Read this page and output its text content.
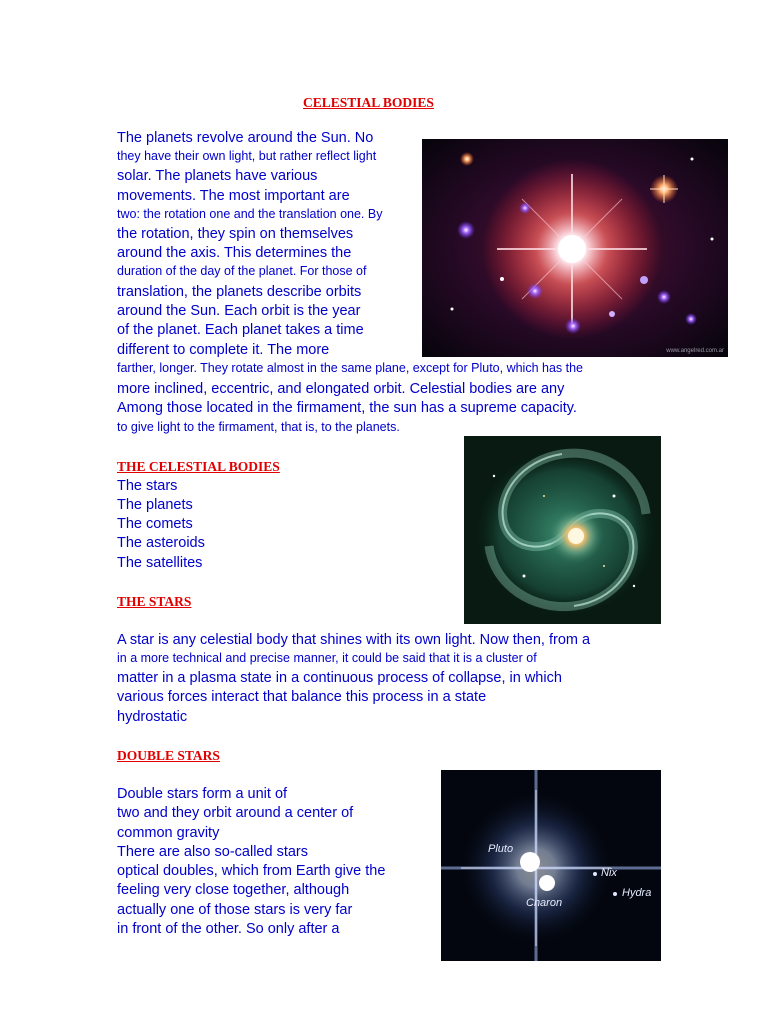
CELESTIAL BODIES
The planets revolve around the Sun. No
they have their own light, but rather reflect light
solar. The planets have various
movements. The most important are
two: the rotation one and the translation one. By
the rotation, they spin on themselves
around the axis. This determines the
duration of the day of the planet. For those of
translation, the planets describe orbits
around the Sun. Each orbit is the year
of the planet. Each planet takes a time
different to complete it. The more
farther, longer. They rotate almost in the same plane, except for Pluto, which has the
more inclined, eccentric, and elongated orbit. Celestial bodies are any
Among those located in the firmament, the sun has a supreme capacity.
to give light to the firmament, that is, to the planets.
www.angelred.com.ar
THE CELESTIAL BODIES
The stars
The planets
The comets
The asteroids
The satellites
THE STARS
A star is any celestial body that shines with its own light. Now then, from a
in a more technical and precise manner, it could be said that it is a cluster of
matter in a plasma state in a continuous process of collapse, in which
various forces interact that balance this process in a state
hydrostatic
DOUBLE STARS
Double stars form a unit of
two and they orbit around a center of
common gravity
There are also so-called stars
optical doubles, which from Earth give the
feeling very close together, although
actually one of those stars is very far
in front of the other. So only after a
Pluto
Charon
Nix
Hydra
